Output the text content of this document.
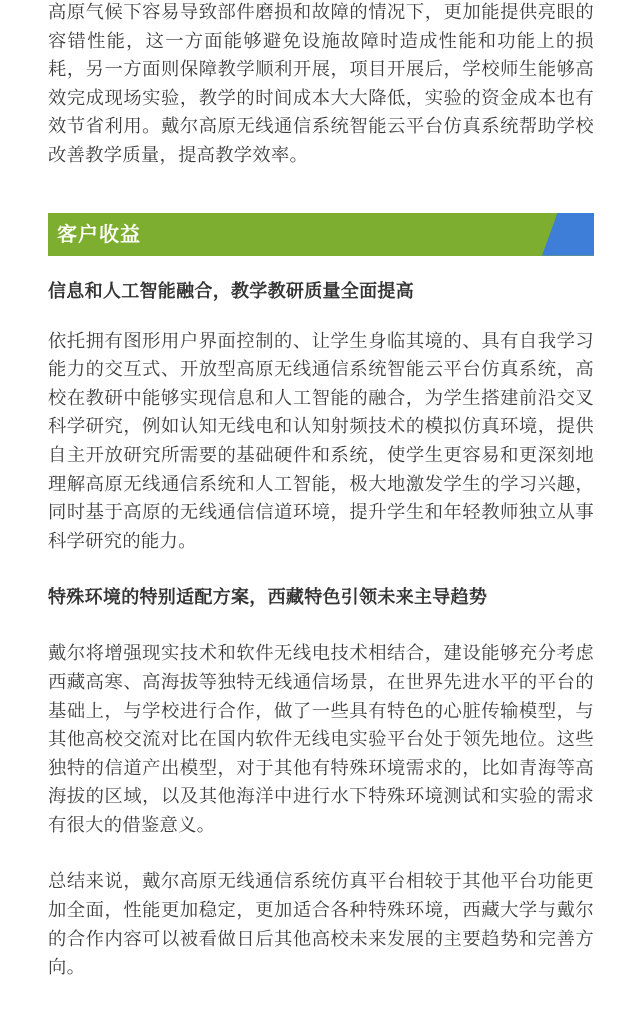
高原气候下容易导致部件磨损和故障的情况下，更加能提供亮眼的容错性能，这一方面能够避免设施故障时造成性能和功能上的损耗，另一方面则保障教学顺利开展，项目开展后，学校师生能够高效完成现场实验，教学的时间成本大大降低，实验的资金成本也有效节省利用。戴尔高原无线通信系统智能云平台仿真系统帮助学校改善教学质量，提高教学效率。

客户收益
信息和人工智能融合，教学教研质量全面提高

依托拥有图形用户界面控制的、让学生身临其境的、具有自我学习能力的交互式、开放型高原无线通信系统智能云平台仿真系统，高校在教研中能够实现信息和人工智能的融合，为学生搭建前沿交叉科学研究，例如认知无线电和认知射频技术的模拟仿真环境，提供自主开放研究所需要的基础硬件和系统，使学生更容易和更深刻地理解高原无线通信系统和人工智能，极大地激发学生的学习兴趣，同时基于高原的无线通信信道环境，提升学生和年轻教师独立从事科学研究的能力。

特殊环境的特别适配方案，西藏特色引领未来主导趋势

戴尔将增强现实技术和软件无线电技术相结合，建设能够充分考虑西藏高寒、高海拔等独特无线通信场景，在世界先进水平的平台的基础上，与学校进行合作，做了一些具有特色的心脏传输模型，与其他高校交流对比在国内软件无线电实验平台处于领先地位。这些独特的信道产出模型，对于其他有特殊环境需求的，比如青海等高海拔的区域，以及其他海洋中进行水下特殊环境测试和实验的需求有很大的借鉴意义。

总结来说，戴尔高原无线通信系统仿真平台相较于其他平台功能更加全面，性能更加稳定，更加适合各种特殊环境，西藏大学与戴尔的合作内容可以被看做日后其他高校未来发展的主要趋势和完善方向。
